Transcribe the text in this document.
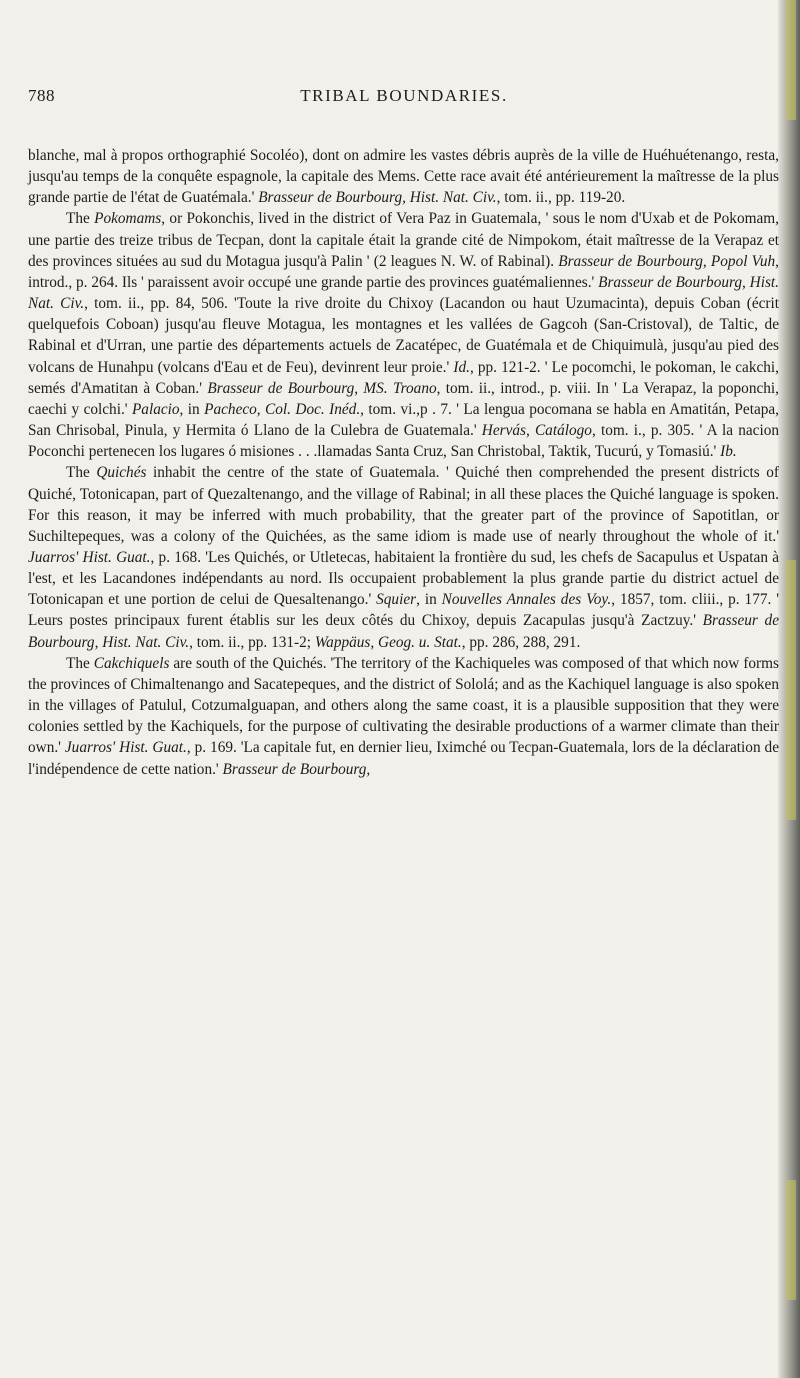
788	TRIBAL BOUNDARIES.

blanche, mal à propos orthographié Socoléo), dont on admire les vastes débris auprès de la ville de Huéhuétenango, resta, jusqu'au temps de la conquête espagnole, la capitale des Mems. Cette race avait été antérieurement la maîtresse de la plus grande partie de l'état de Guatémala.' Brasseur de Bourbourg, Hist. Nat. Civ., tom. ii., pp. 119-20.

The Pokomams, or Pokonchis, lived in the district of Vera Paz in Guatemala, ' sous le nom d'Uxab et de Pokomam, une partie des treize tribus de Tecpan, dont la capitale était la grande cité de Nimpokom, était maîtresse de la Verapaz et des provinces situées au sud du Motagua jusqu'à Palin ' (2 leagues N. W. of Rabinal). Brasseur de Bourbourg, Popol Vuh, introd., p. 264. Ils ' paraissent avoir occupé une grande partie des provinces guatémaliennes.' Brasseur de Bourbourg, Hist. Nat. Civ., tom. ii., pp. 84, 506. 'Toute la rive droite du Chixoy (Lacandon ou haut Uzumacinta), depuis Coban (écrit quelquefois Coboan) jusqu'au fleuve Motagua, les montagnes et les vallées de Gagcoh (San-Cristoval), de Taltic, de Rabinal et d'Urran, une partie des départements actuels de Zacatépec, de Guatémala et de Chiquimulà, jusqu'au pied des volcans de Hunahpu (volcans d'Eau et de Feu), devinrent leur proie.' Id., pp. 121-2. ' Le pocomchi, le pokoman, le cakchi, semés d'Amatitan à Coban.' Brasseur de Bourbourg, MS. Troano, tom. ii., introd., p. viii. In ' La Verapaz, la poponchi, caechi y colchi.' Palacio, in Pacheco, Col. Doc. Inéd., tom. vi.,p . 7. ' La lengua pocomana se habla en Amatitán, Petapa, San Chrisobal, Pinula, y Hermita ó Llano de la Culebra de Guatemala.' Hervás, Catálogo, tom. i., p. 305. ' A la nacion Poconchi pertenecen los lugares ó misiones . . .llamadas Santa Cruz, San Christobal, Taktik, Tucurú, y Tomasiú.' Ib.

The Quichés inhabit the centre of the state of Guatemala. ' Quiché then comprehended the present districts of Quiché, Totonicapan, part of Quezaltenango, and the village of Rabinal; in all these places the Quiché language is spoken. For this reason, it may be inferred with much probability, that the greater part of the province of Sapotitlan, or Suchiltepeques, was a colony of the Quichées, as the same idiom is made use of nearly throughout the whole of it.' Juarros' Hist. Guat., p. 168. 'Les Quichés, or Utletecas, habitaient la frontière du sud, les chefs de Sacapulus et Uspatan à l'est, et les Lacandones indépendants au nord. Ils occupaient probablement la plus grande partie du district actuel de Totonicapan et une portion de celui de Quesaltenango.' Squier, in Nouvelles Annales des Voy., 1857, tom. cliii., p. 177. ' Leurs postes principaux furent établis sur les deux côtés du Chixoy, depuis Zacapulas jusqu'à Zactzuy.' Brasseur de Bourbourg, Hist. Nat. Civ., tom. ii., pp. 131-2; Wappäus, Geog. u. Stat., pp. 286, 288, 291.

The Cakchiquels are south of the Quichés. 'The territory of the Kachiqueles was composed of that which now forms the provinces of Chimaltenango and Sacatepeques, and the district of Sololá; and as the Kachiquel language is also spoken in the villages of Patulul, Cotzumalguapan, and others along the same coast, it is a plausible supposition that they were colonies settled by the Kachiquels, for the purpose of cultivating the desirable productions of a warmer climate than their own.' Juarros' Hist. Guat., p. 169. 'La capitale fut, en dernier lieu, Iximché ou Tecpan-Guatemala, lors de la déclaration de l'indépendence de cette nation.' Brasseur de Bourbourg,
